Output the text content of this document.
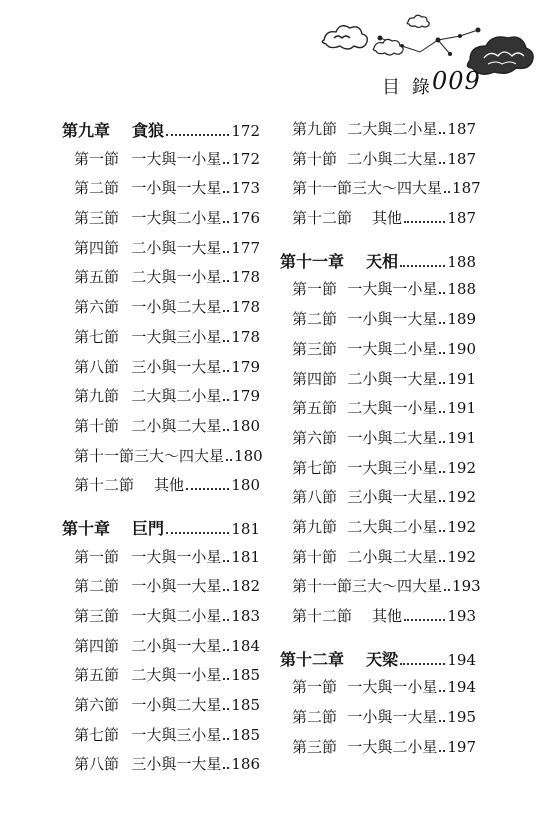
目 錄 009
第九章 貪狼	172
第一節 一大與一小星 172
第二節 一小與一大星 173
第三節 一大與二小星 176
第四節 二小與一大星 177
第五節 二大與一小星 178
第六節 一小與二大星 178
第七節 一大與三小星 178
第八節 三小與一大星 179
第九節 二大與二小星 179
第十節 二小與二大星 180
第十一節 三大～四大星 180
第十二節 其他	180
第十章 巨門	181
第一節 一大與一小星 181
第二節 一小與一大星 182
第三節 一大與二小星 183
第四節 二小與一大星 184
第五節 二大與一小星 185
第六節 一小與二大星 185
第七節 一大與三小星 185
第八節 三小與一大星 186
第九節 二大與二小星 187
第十節 二小與二大星 187
第十一節 三大～四大星 187
第十二節 其他	187
第十一章 天相	188
第一節 一大與一小星 188
第二節 一小與一大星 189
第三節 一大與二小星 190
第四節 二小與一大星 191
第五節 二大與一小星 191
第六節 一小與二大星 191
第七節 一大與三小星 192
第八節 三小與一大星 192
第九節 二大與二小星 192
第十節 二小與二大星 192
第十一節 三大～四大星 193
第十二節 其他	193
第十二章 天梁	194
第一節 一大與一小星 194
第二節 一小與一大星 195
第三節 一大與二小星 197
